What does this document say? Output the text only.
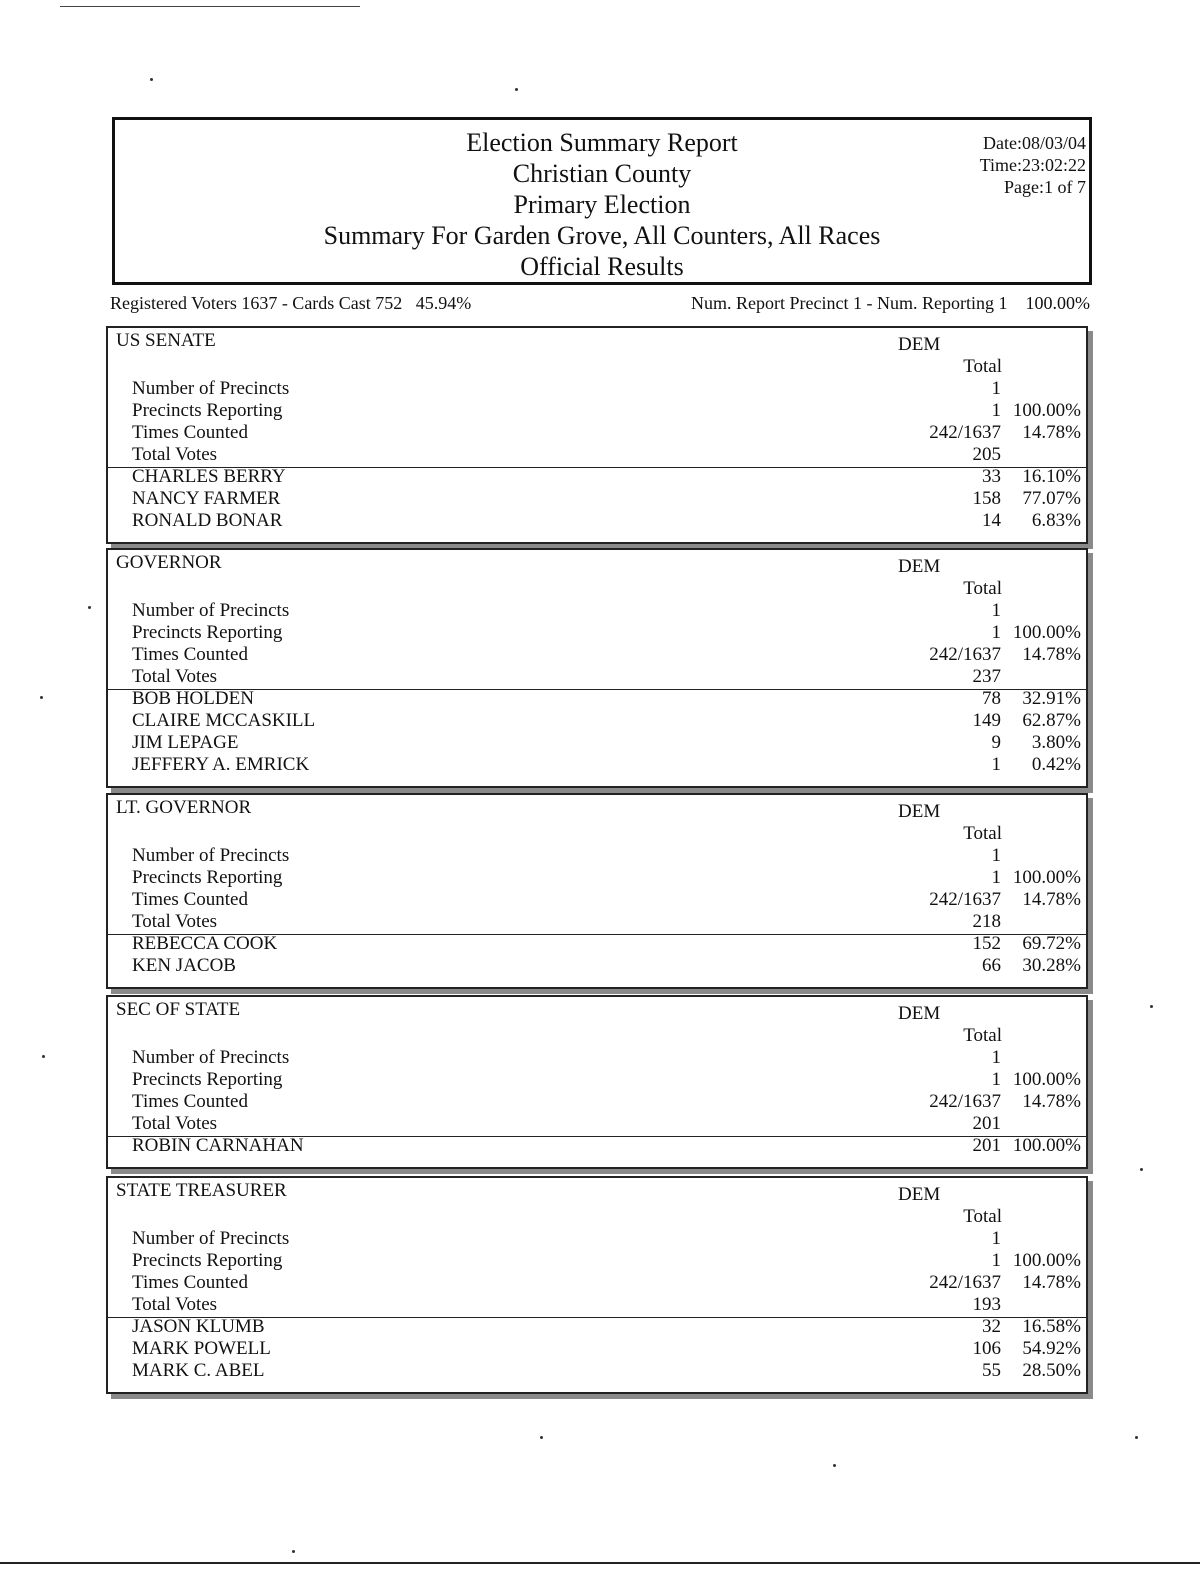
Election Summary Report
Christian County
Primary Election
Summary For Garden Grove, All Counters, All Races
Official Results
Date:08/03/04
Time:23:02:22
Page:1 of 7
Registered Voters 1637 - Cards Cast 752   45.94%	Num. Report Precinct 1 - Num. Reporting 1    100.00%
US SENATE	DEM
Total
Number of Precincts	1
Precincts Reporting	1 100.00%
Times Counted	242/1637 14.78%
Total Votes	205
CHARLES BERRY	33 16.10%
NANCY FARMER	158 77.07%
RONALD BONAR	14 6.83%
GOVERNOR	DEM
Total
Number of Precincts	1
Precincts Reporting	1 100.00%
Times Counted	242/1637 14.78%
Total Votes	237
BOB HOLDEN	78 32.91%
CLAIRE MCCASKILL	149 62.87%
JIM LEPAGE	9 3.80%
JEFFERY A. EMRICK	1 0.42%
LT. GOVERNOR	DEM
Total
Number of Precincts	1
Precincts Reporting	1 100.00%
Times Counted	242/1637 14.78%
Total Votes	218
REBECCA COOK	152 69.72%
KEN JACOB	66 30.28%
SEC OF STATE	DEM
Total
Number of Precincts	1
Precincts Reporting	1 100.00%
Times Counted	242/1637 14.78%
Total Votes	201
ROBIN CARNAHAN	201 100.00%
STATE TREASURER	DEM
Total
Number of Precincts	1
Precincts Reporting	1 100.00%
Times Counted	242/1637 14.78%
Total Votes	193
JASON KLUMB	32 16.58%
MARK POWELL	106 54.92%
MARK C. ABEL	55 28.50%
